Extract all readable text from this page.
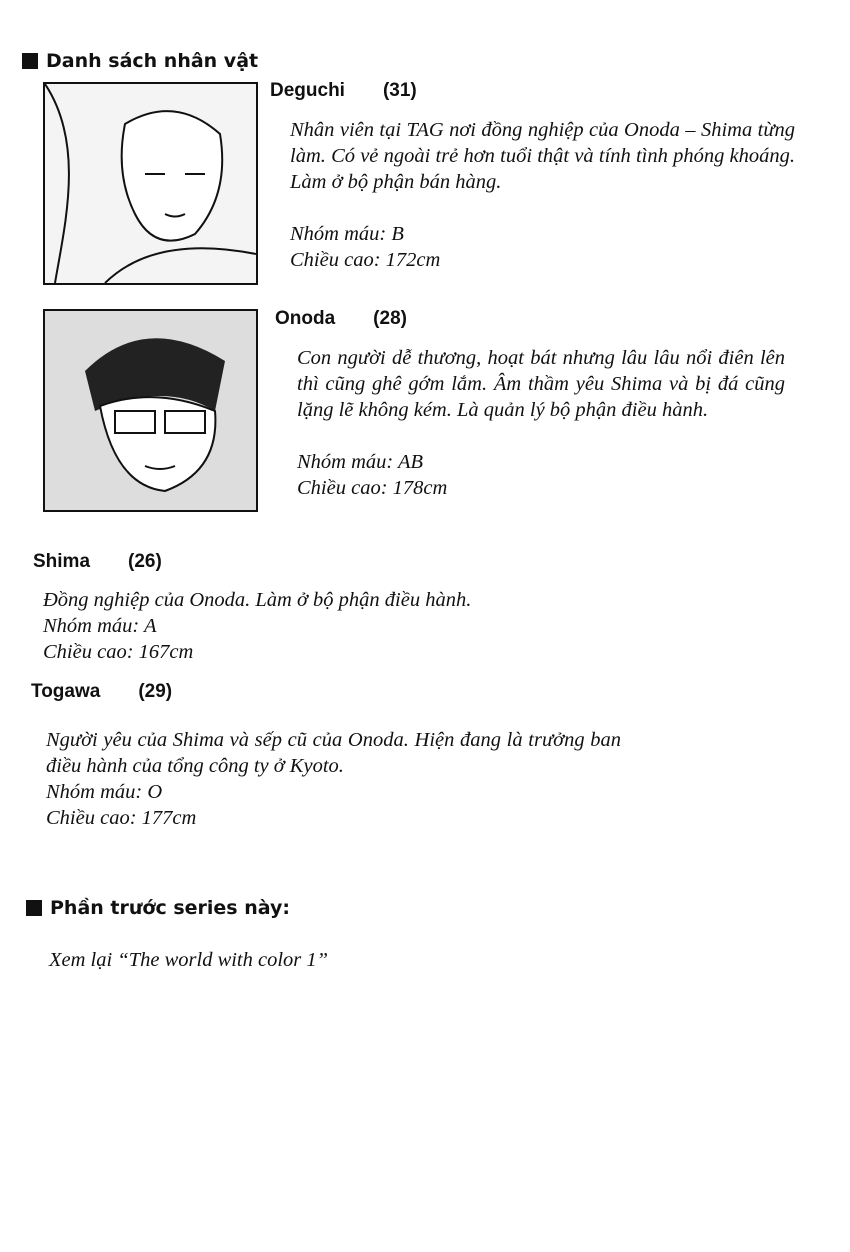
Danh sách nhân vật
Deguchi (31)

Nhân viên tại TAG nơi đồng nghiệp của Onoda – Shima từng làm. Có vẻ ngoài trẻ hơn tuổi thật và tính tình phóng khoáng. Làm ở bộ phận bán hàng.

Nhóm máu: B

Chiều cao: 172cm

Onoda (28)

Con người dễ thương, hoạt bát nhưng lâu lâu nổi điên lên thì cũng ghê gớm lắm. Âm thầm yêu Shima và bị đá cũng lặng lẽ không kém. Là quản lý bộ phận điều hành.

Nhóm máu: AB

Chiều cao: 178cm

Shima (26)

Đồng nghiệp của Onoda. Làm ở bộ phận điều hành.

Nhóm máu: A

Chiều cao: 167cm

Togawa (29)

Người yêu của Shima và sếp cũ của Onoda. Hiện đang là trưởng ban điều hành của tổng công ty ở Kyoto.

Nhóm máu: O

Chiều cao: 177cm

Phần trước series này:
Xem lại “The world with color 1”
